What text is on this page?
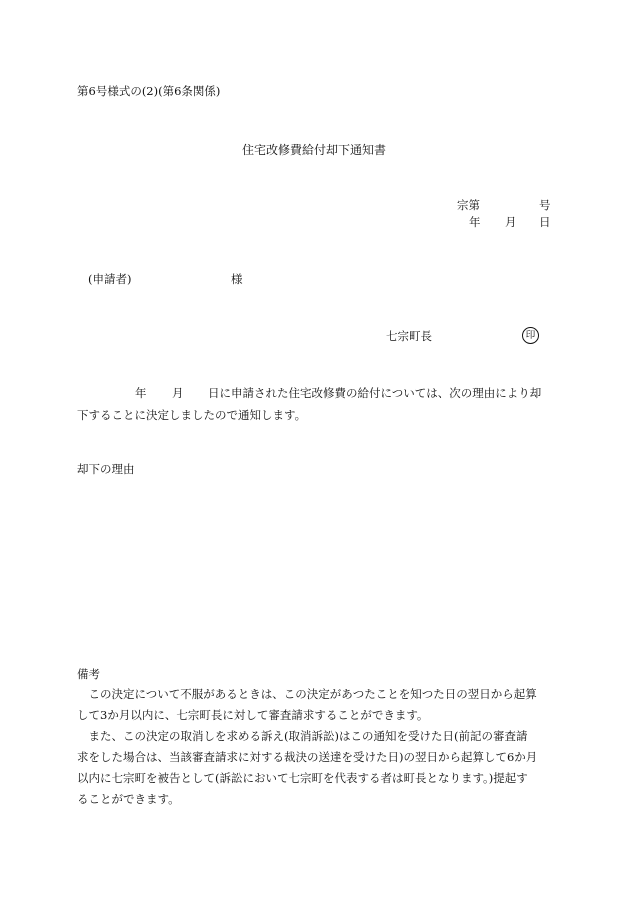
第6号様式の(2)(第6条関係)
住宅改修費給付却下通知書
宗第	号
年 月 日
(申請者)	様
七宗町長	印
年 月 日に申請された住宅改修費の給付については、次の理由により却
下することに決定しましたので通知します。
却下の理由
備考
　この決定について不服があるときは、この決定があつたことを知つた日の翌日から起算
して3か月以内に、七宗町長に対して審査請求することができます。
　また、この決定の取消しを求める訴え(取消訴訟)はこの通知を受けた日(前記の審査請
求をした場合は、当該審査請求に対する裁決の送達を受けた日)の翌日から起算して6か月
以内に七宗町を被告として(訴訟において七宗町を代表する者は町長となります。)提起す
ることができます。
